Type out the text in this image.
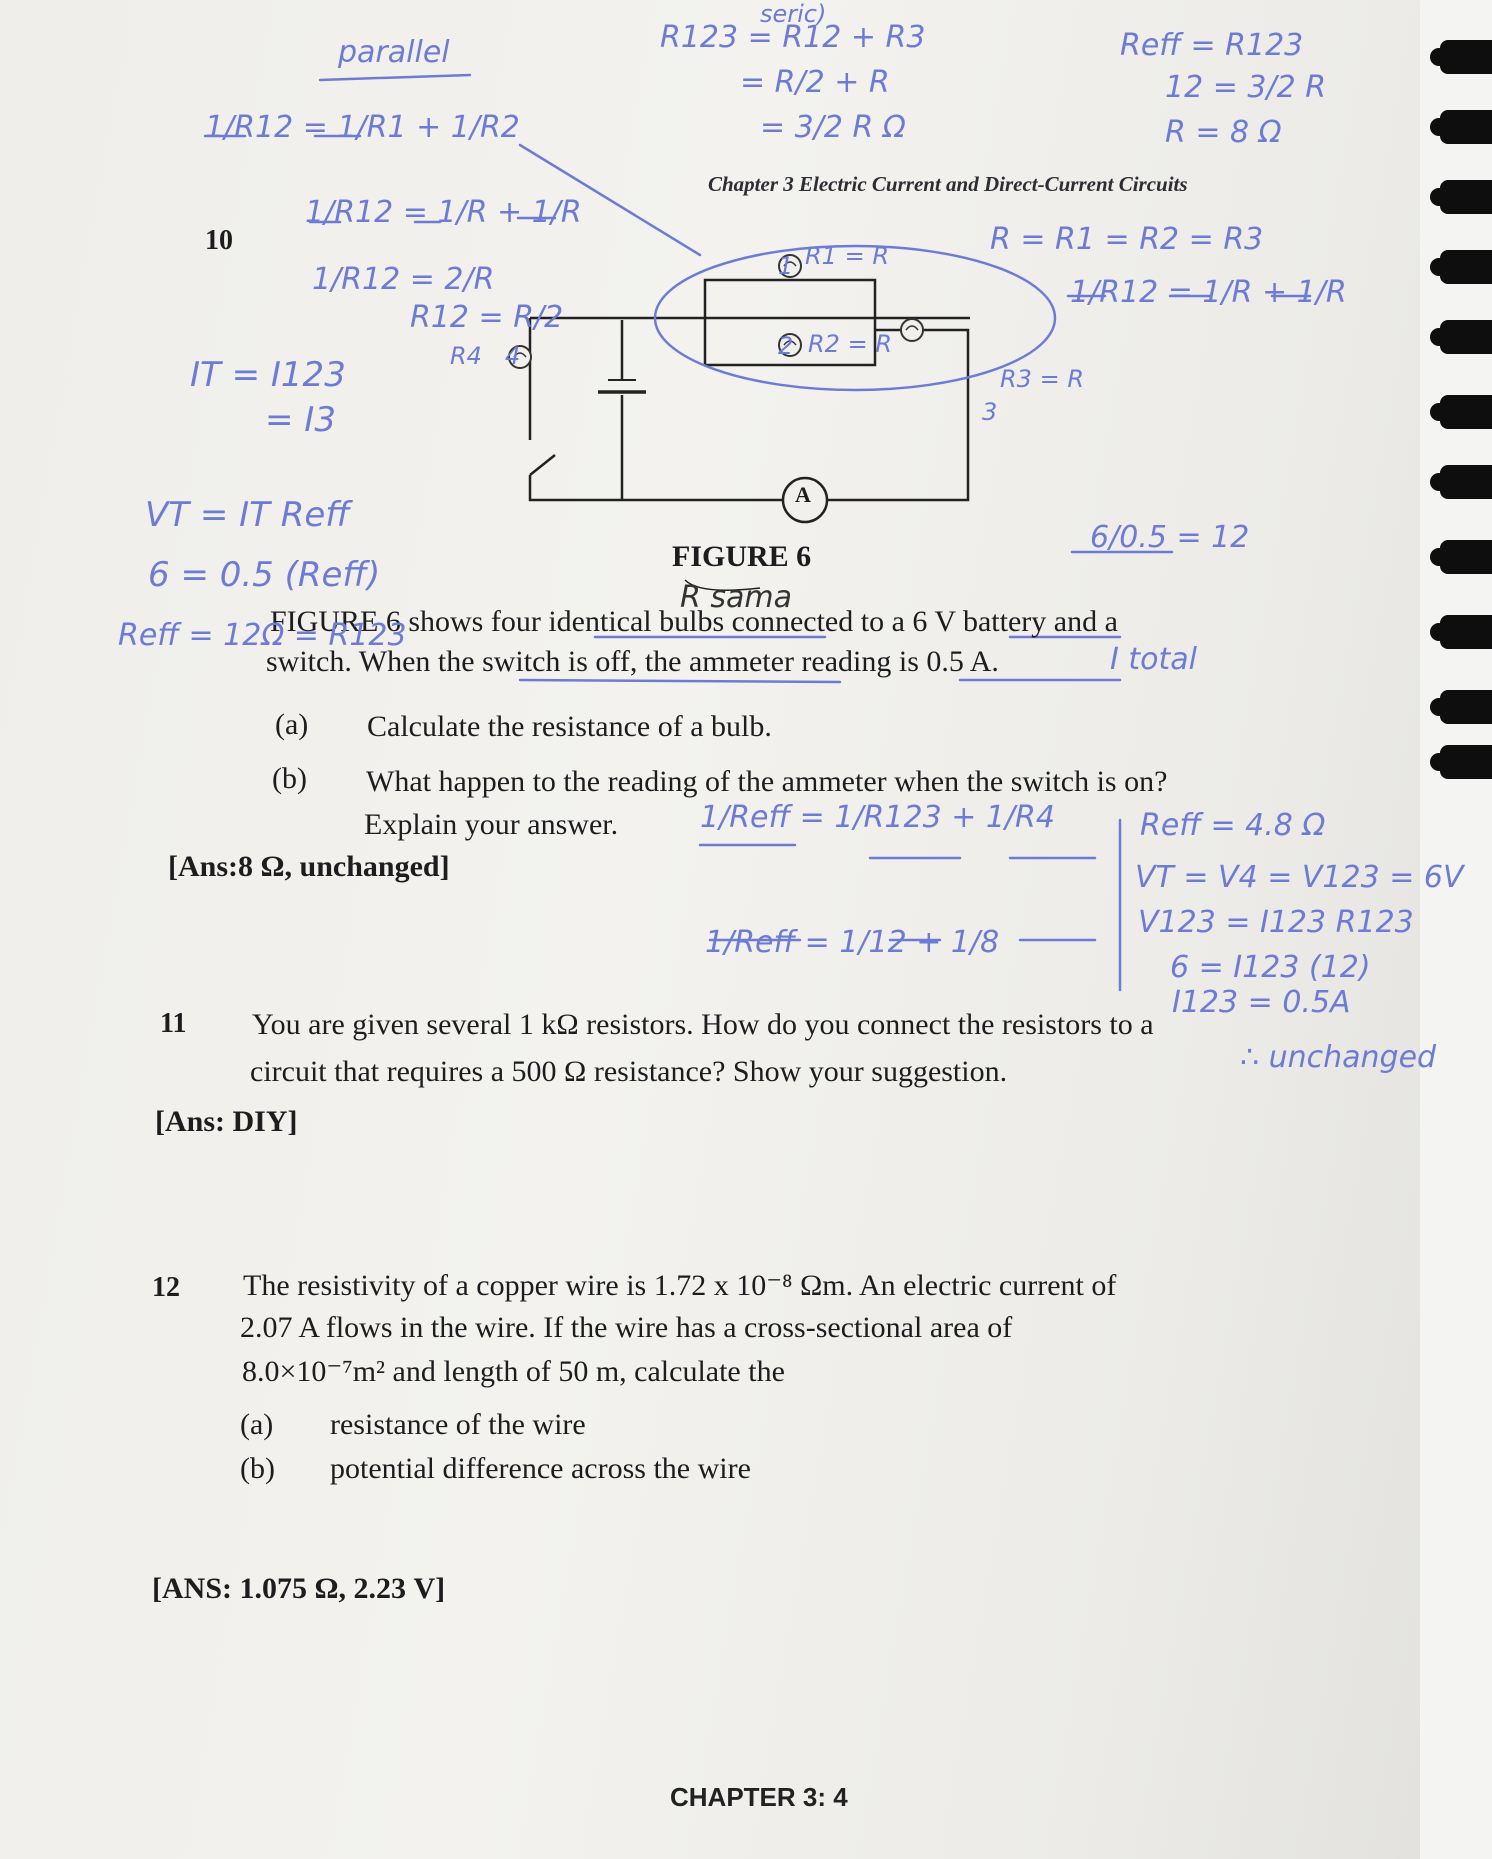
Chapter 3 Electric Current and Direct-Current Circuits
10
A
FIGURE 6
FIGURE 6 shows four identical bulbs connected to a 6 V battery and a
switch. When the switch is off, the ammeter reading is 0.5 A.
(a) Calculate the resistance of a bulb.
(b) What happen to the reading of the ammeter when the switch is on?
Explain your answer.
[Ans:8 Ω, unchanged]
11 You are given several 1 kΩ resistors. How do you connect the resistors to a
circuit that requires a 500 Ω resistance? Show your suggestion.
[Ans: DIY]
12 The resistivity of a copper wire is 1.72 x 10⁻⁸ Ωm. An electric current of
2.07 A flows in the wire. If the wire has a cross-sectional area of
8.0×10⁻⁷m² and length of 50 m, calculate the
(a) resistance of the wire
(b) potential difference across the wire
[ANS: 1.075 Ω, 2.23 V]
CHAPTER 3: 4
seric)
parallel	R123 = R12 + R3
= R/2 + R
= 3/2 R Ω
Reff = R123
12 = 3/2 R
R = 8 Ω
1/R12 = 1/R1 + 1/R2
1/R12 = 1/R + 1/R
1/R12 = 2/R
R12 = R/2
IT = I123
= I3
VT = IT Reff
6 = 0.5 (Reff)
Reff = 12Ω = R123
R = R1 = R2 = R3
1/R12 = 1/R + 1/R
R1 = R
R2 = R
R3 = R
R4 4
3
1
2
6/0.5 = 12
R sama
I total
Reff = 4.8 Ω
VT = V4 = V123 = 6V
V123 = I123 R123
6 = I123 (12)
I123 = 0.5A
1/Reff = 1/R123 + 1/R4
1/Reff = 1/12 + 1/8
∴ unchanged
